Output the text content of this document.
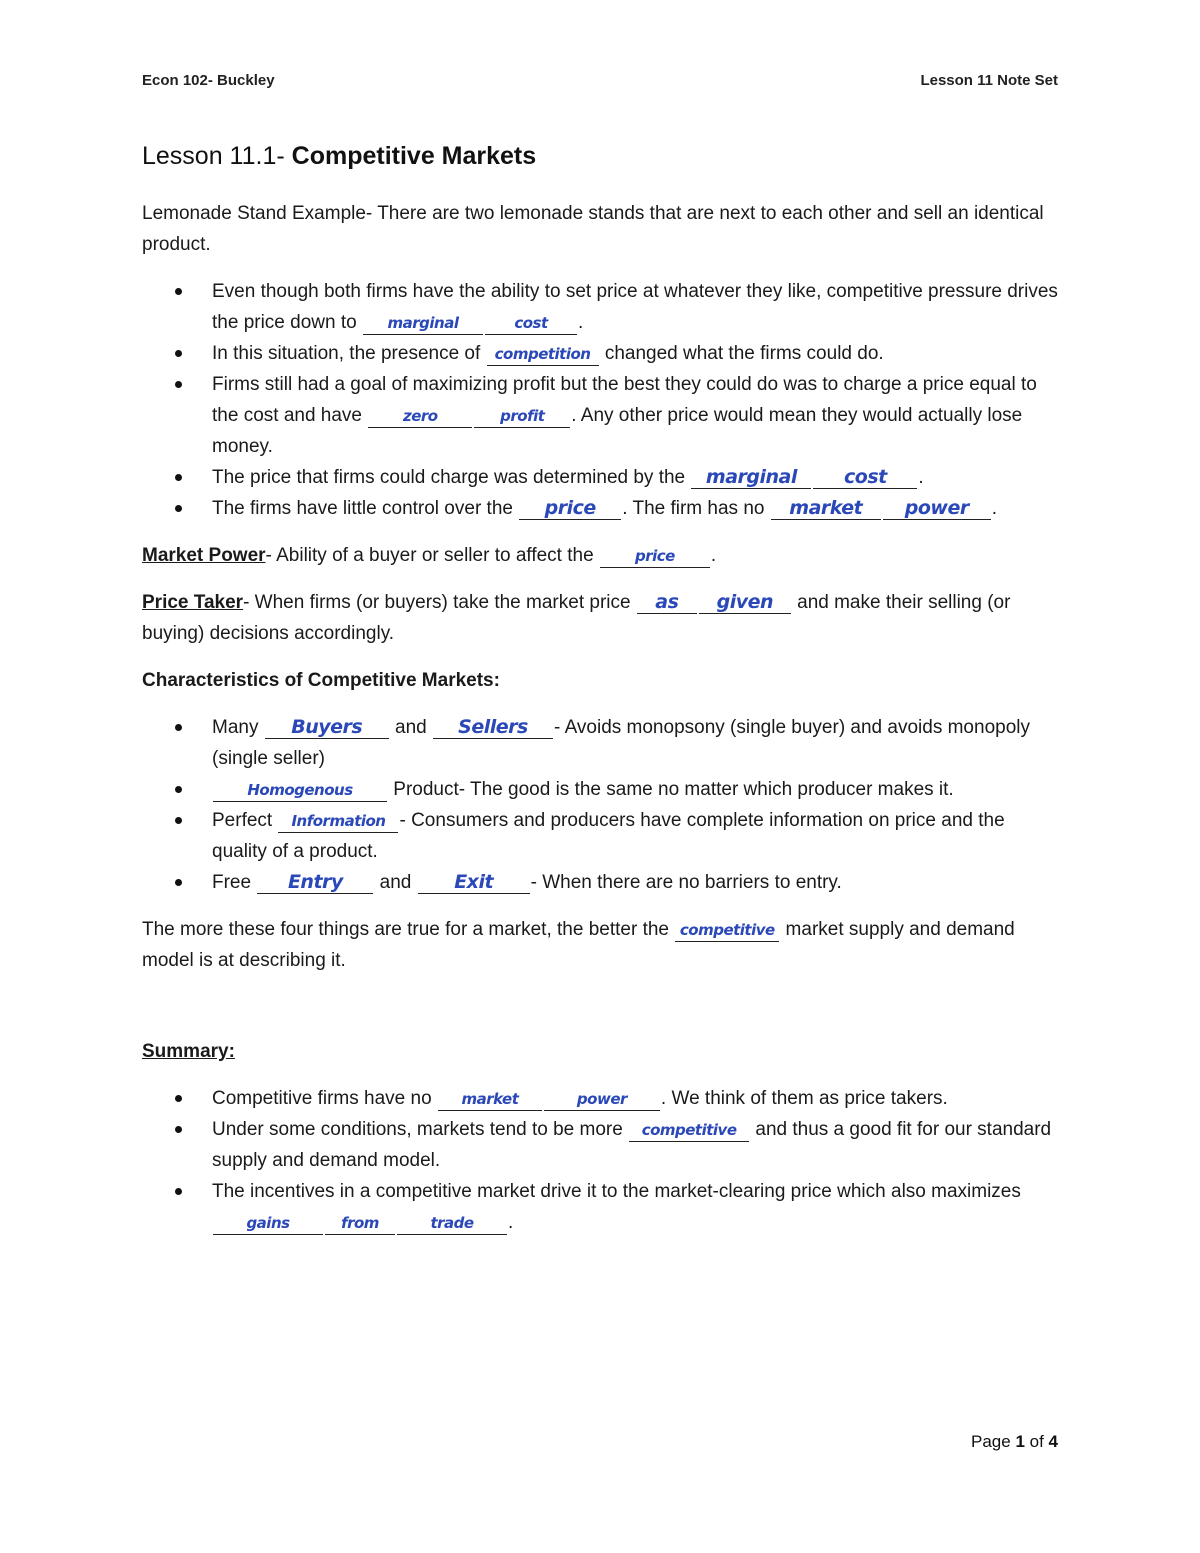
Econ 102- Buckley	Lesson 11 Note Set
Lesson 11.1- Competitive Markets

Lemonade Stand Example- There are two lemonade stands that are next to each other and sell an identical product.

Even though both firms have the ability to set price at whatever they like, competitive pressure drives the price down to marginal	cost .
In this situation, the presence of competition changed what the firms could do.
Firms still had a goal of maximizing profit but the best they could do was to charge a price equal to the cost and have zero	profit . Any other price would mean they would actually lose money.
The price that firms could charge was determined by the marginal cost .
The firms have little control over the price . The firm has no market power .

Market Power- Ability of a buyer or seller to affect the price .

Price Taker- When firms (or buyers) take the market price as given and make their selling (or buying) decisions accordingly.

Characteristics of Competitive Markets:

Many Buyers and Sellers - Avoids monopsony (single buyer) and avoids monopoly (single seller)
Homogenous Product- The good is the same no matter which producer makes it.
Perfect Information - Consumers and producers have complete information on price and the quality of a product.
Free Entry and Exit - When there are no barriers to entry.

The more these four things are true for a market, the better the competitive market supply and demand model is at describing it.

Summary:

Competitive firms have no market	power . We think of them as price takers.
Under some conditions, markets tend to be more competitive and thus a good fit for our standard supply and demand model.
The incentives in a competitive market drive it to the market-clearing price which also maximizes gains	from	trade .
Page 1 of 4
